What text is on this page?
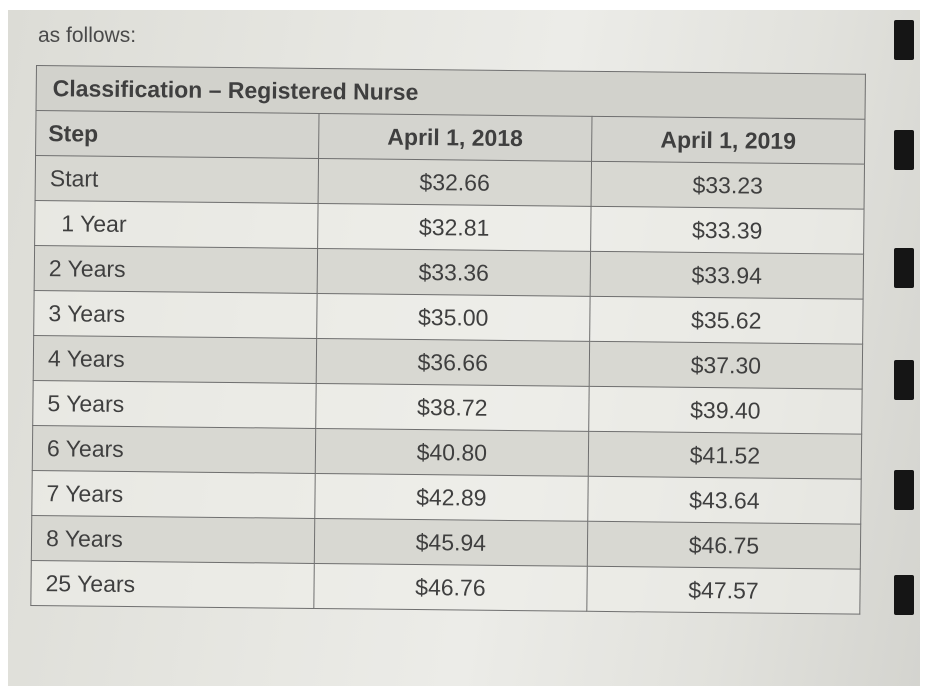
as follows:
Classification – Registered Nurse		
Step	April 1, 2018	April 1, 2019
Start	$32.66	$33.23
1 Year	$32.81	$33.39
2 Years	$33.36	$33.94
3 Years	$35.00	$35.62
4 Years	$36.66	$37.30
5 Years	$38.72	$39.40
6 Years	$40.80	$41.52
7 Years	$42.89	$43.64
8 Years	$45.94	$46.75
25 Years	$46.76	$47.57
